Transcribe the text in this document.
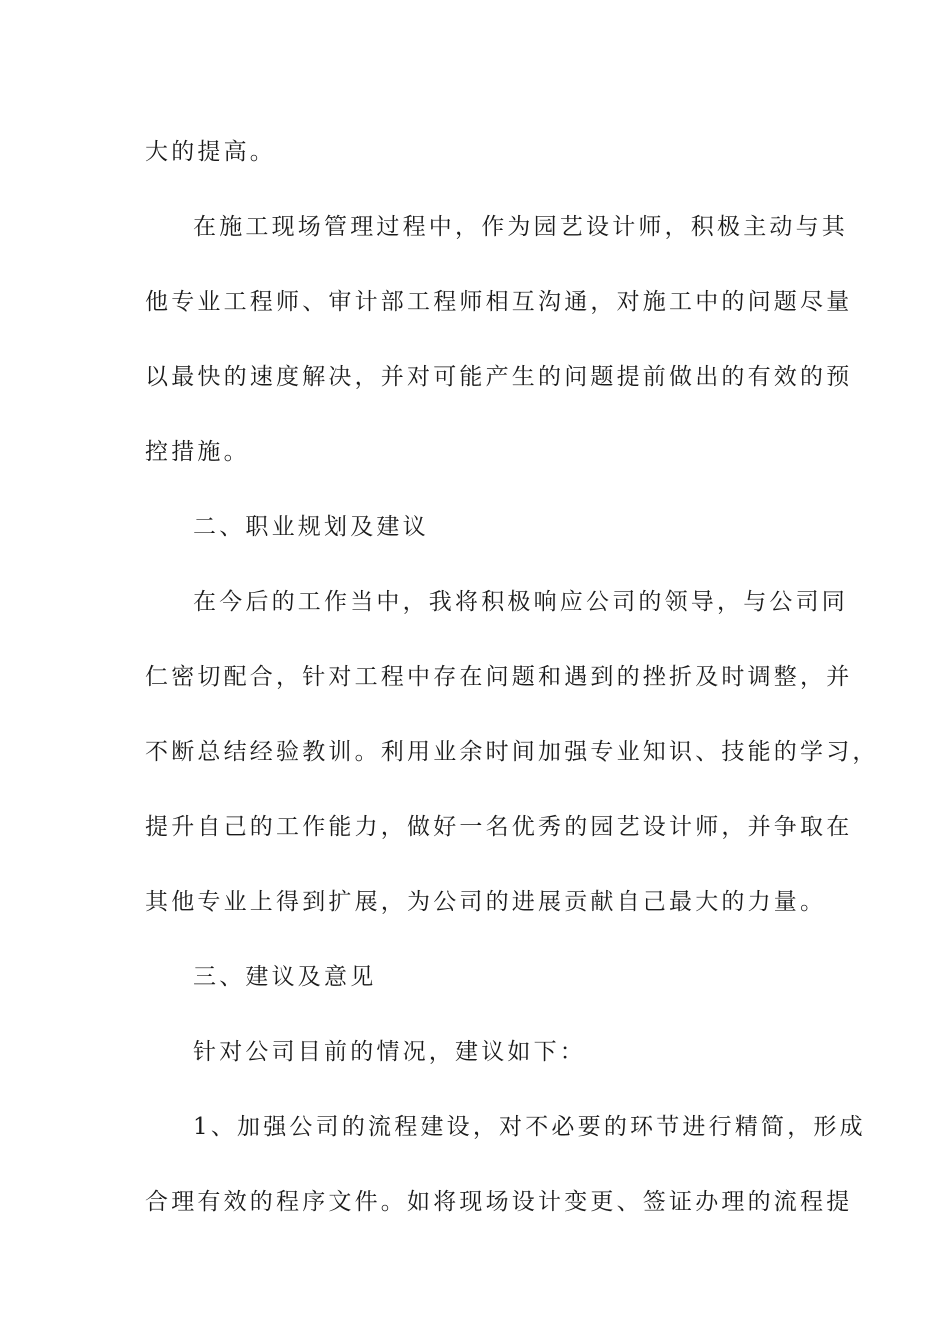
大的提高。
在施工现场管理过程中，作为园艺设计师，积极主动与其
他专业工程师、审计部工程师相互沟通，对施工中的问题尽量
以最快的速度解决，并对可能产生的问题提前做出的有效的预
控措施。
二、职业规划及建议
在今后的工作当中，我将积极响应公司的领导，与公司同
仁密切配合，针对工程中存在问题和遇到的挫折及时调整，并
不断总结经验教训。利用业余时间加强专业知识、技能的学习，
提升自己的工作能力，做好一名优秀的园艺设计师，并争取在
其他专业上得到扩展，为公司的进展贡献自己最大的力量。
三、建议及意见
针对公司目前的情况，建议如下：
1、加强公司的流程建设，对不必要的环节进行精简，形成
合理有效的程序文件。如将现场设计变更、签证办理的流程提
